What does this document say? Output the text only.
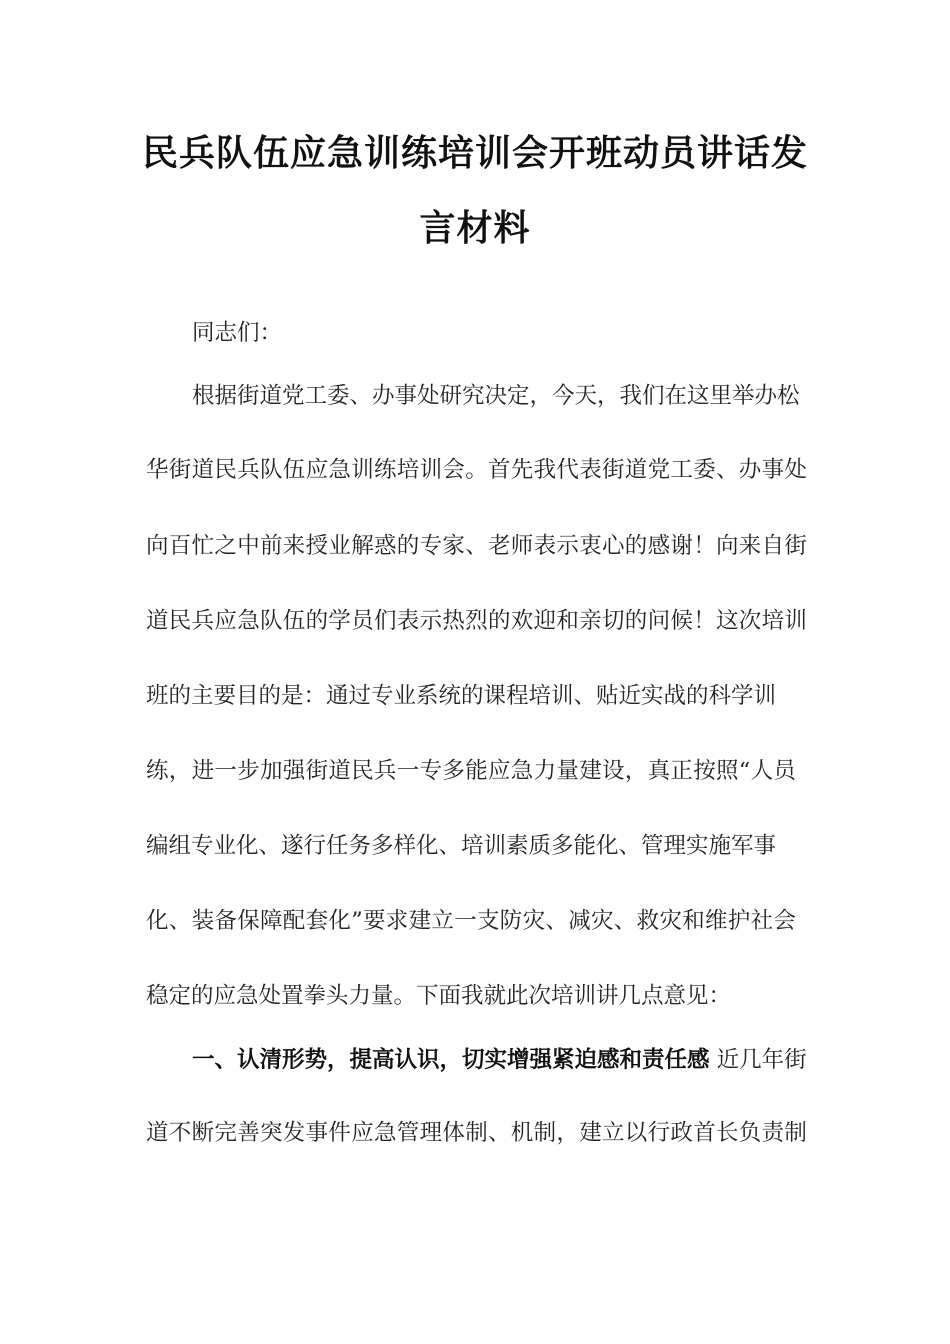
民兵队伍应急训练培训会开班动员讲话发
言材料
同志们：
根据街道党工委、办事处研究决定，今天，我们在这里举办松
华街道民兵队伍应急训练培训会。首先我代表街道党工委、办事处
向百忙之中前来授业解惑的专家、老师表示衷心的感谢！向来自街
道民兵应急队伍的学员们表示热烈的欢迎和亲切的问候！这次培训
班的主要目的是：通过专业系统的课程培训、贴近实战的科学训
练，进一步加强街道民兵一专多能应急力量建设，真正按照“人员
编组专业化、遂行任务多样化、培训素质多能化、管理实施军事
化、装备保障配套化”要求建立一支防灾、减灾、救灾和维护社会
稳定的应急处置拳头力量。下面我就此次培训讲几点意见：
一、认清形势，提高认识，切实增强紧迫感和责任感 近几年街
道不断完善突发事件应急管理体制、机制，建立以行政首长负责制
